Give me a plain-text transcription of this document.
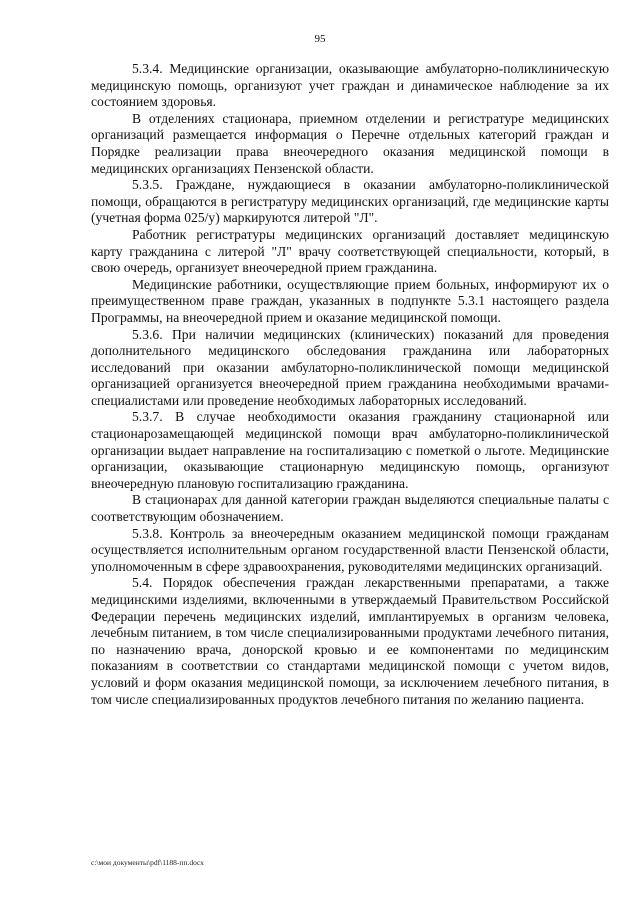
95

5.3.4. Медицинские организации, оказывающие амбулаторно-поликлиническую медицинскую помощь, организуют учет граждан и динамическое наблюдение за их состоянием здоровья.

В отделениях стационара, приемном отделении и регистратуре медицинских организаций размещается информация о Перечне отдельных категорий граждан и Порядке реализации права внеочередного оказания медицинской помощи в медицинских организациях Пензенской области.

5.3.5. Граждане, нуждающиеся в оказании амбулаторно-поликлинической помощи, обращаются в регистратуру медицинских организаций, где медицинские карты (учетная форма 025/у) маркируются литерой "Л".

Работник регистратуры медицинских организаций доставляет медицинскую карту гражданина с литерой "Л" врачу соответствующей специальности, который, в свою очередь, организует внеочередной прием гражданина.

Медицинские работники, осуществляющие прием больных, информируют их о преимущественном праве граждан, указанных в подпункте 5.3.1 настоящего раздела Программы, на внеочередной прием и оказание медицинской помощи.

5.3.6. При наличии медицинских (клинических) показаний для проведения дополнительного медицинского обследования гражданина или лабораторных исследований при оказании амбулаторно-поликлинической помощи медицинской организацией организуется внеочередной прием гражданина необходимыми врачами-специалистами или проведение необходимых лабораторных исследований.

5.3.7. В случае необходимости оказания гражданину стационарной или стационарозамещающей медицинской помощи врач амбулаторно-поликлинической организации выдает направление на госпитализацию с пометкой о льготе. Медицинские организации, оказывающие стационарную медицинскую помощь, организуют внеочередную плановую госпитализацию гражданина.

В стационарах для данной категории граждан выделяются специальные палаты с соответствующим обозначением.

5.3.8. Контроль за внеочередным оказанием медицинской помощи гражданам осуществляется исполнительным органом государственной власти Пензенской области, уполномоченным в сфере здравоохранения, руководителями медицинских организаций.

5.4. Порядок обеспечения граждан лекарственными препаратами, а также медицинскими изделиями, включенными в утверждаемый Правительством Российской Федерации перечень медицинских изделий, имплантируемых в организм человека, лечебным питанием, в том числе специализированными продуктами лечебного питания, по назначению врача, донорской кровью и ее компонентами по медицинским показаниям в соответствии со стандартами медицинской помощи с учетом видов, условий и форм оказания медицинской помощи, за исключением лечебного питания, в том числе специализированных продуктов лечебного питания по желанию пациента.

c:\мои документы\pdf\1188-пп.docx
